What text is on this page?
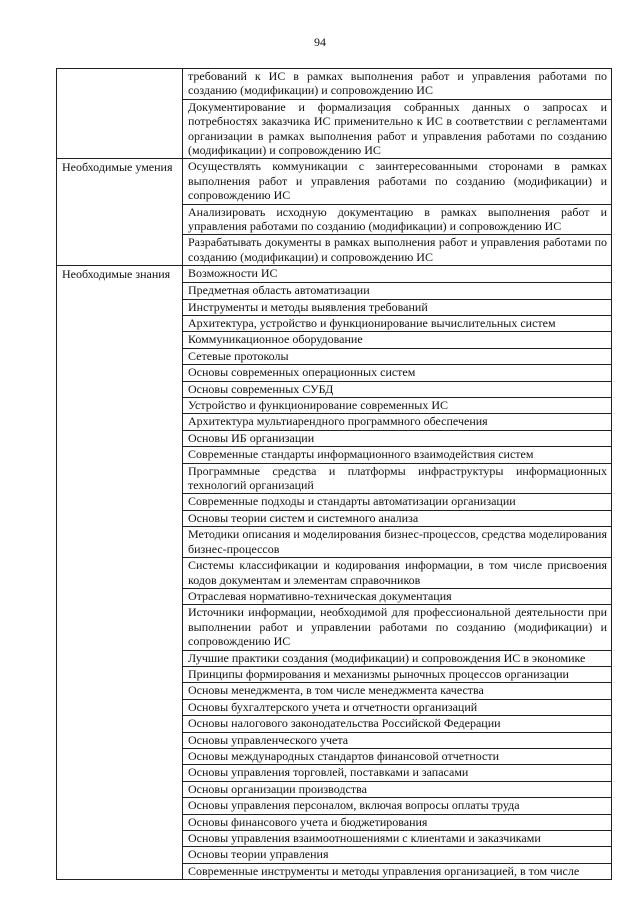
94
	требований к ИС в рамках выполнения работ и управления работами по созданию (модификации) и сопровождению ИС
	Документирование и формализация собранных данных о запросах и потребностях заказчика ИС применительно к ИС в соответствии с регламентами организации в рамках выполнения работ и управления работами по созданию (модификации) и сопровождению ИС
Необходимые умения	Осуществлять коммуникации с заинтересованными сторонами в рамках выполнения работ и управления работами по созданию (модификации) и сопровождению ИС
	Анализировать исходную документацию в рамках выполнения работ и управления работами по созданию (модификации) и сопровождению ИС
	Разрабатывать документы в рамках выполнения работ и управления работами по созданию (модификации) и сопровождению ИС
Необходимые знания	Возможности ИС
	Предметная область автоматизации
	Инструменты и методы выявления требований
	Архитектура, устройство и функционирование вычислительных систем
	Коммуникационное оборудование
	Сетевые протоколы
	Основы современных операционных систем
	Основы современных СУБД
	Устройство и функционирование современных ИС
	Архитектура мультиарендного программного обеспечения
	Основы ИБ организации
	Современные стандарты информационного взаимодействия систем
	Программные средства и платформы инфраструктуры информационных технологий организаций
	Современные подходы и стандарты автоматизации организации
	Основы теории систем и системного анализа
	Методики описания и моделирования бизнес-процессов, средства моделирования бизнес-процессов
	Системы классификации и кодирования информации, в том числе присвоения кодов документам и элементам справочников
	Отраслевая нормативно-техническая документация
	Источники информации, необходимой для профессиональной деятельности при выполнении работ и управлении работами по созданию (модификации) и сопровождению ИС
	Лучшие практики создания (модификации) и сопровождения ИС в экономике
	Принципы формирования и механизмы рыночных процессов организации
	Основы менеджмента, в том числе менеджмента качества
	Основы бухгалтерского учета и отчетности организаций
	Основы налогового законодательства Российской Федерации
	Основы управленческого учета
	Основы международных стандартов финансовой отчетности
	Основы управления торговлей, поставками и запасами
	Основы организации производства
	Основы управления персоналом, включая вопросы оплаты труда
	Основы финансового учета и бюджетирования
	Основы управления взаимоотношениями с клиентами и заказчиками
	Основы теории управления
	Современные инструменты и методы управления организацией, в том числе
